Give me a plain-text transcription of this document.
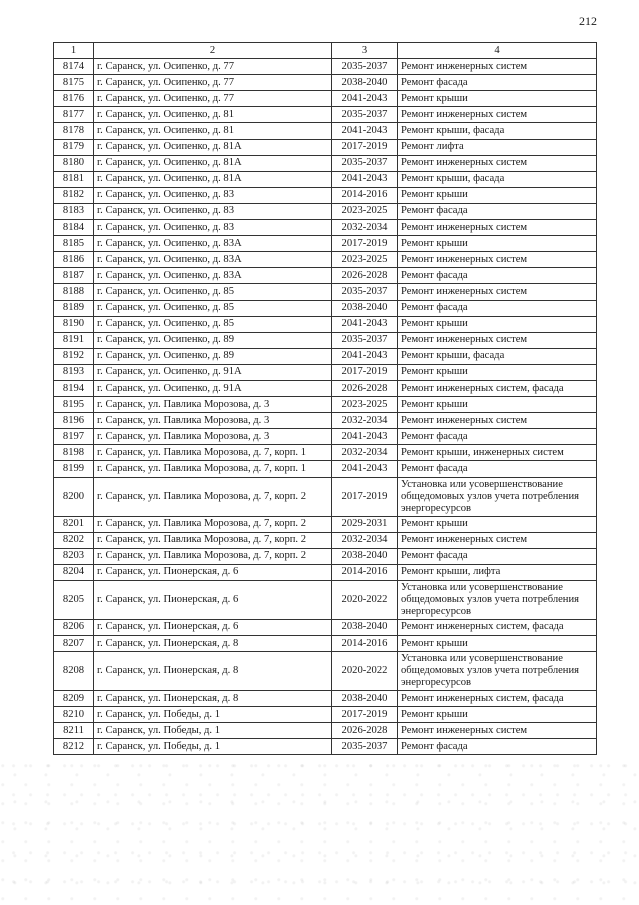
212
1	2	3	4
8174	г. Саранск, ул. Осипенко, д. 77	2035-2037	Ремонт инженерных систем
8175	г. Саранск, ул. Осипенко, д. 77	2038-2040	Ремонт фасада
8176	г. Саранск, ул. Осипенко, д. 77	2041-2043	Ремонт крыши
8177	г. Саранск, ул. Осипенко, д. 81	2035-2037	Ремонт инженерных систем
8178	г. Саранск, ул. Осипенко, д. 81	2041-2043	Ремонт крыши, фасада
8179	г. Саранск, ул. Осипенко, д. 81А	2017-2019	Ремонт лифта
8180	г. Саранск, ул. Осипенко, д. 81А	2035-2037	Ремонт инженерных систем
8181	г. Саранск, ул. Осипенко, д. 81А	2041-2043	Ремонт крыши, фасада
8182	г. Саранск, ул. Осипенко, д. 83	2014-2016	Ремонт крыши
8183	г. Саранск, ул. Осипенко, д. 83	2023-2025	Ремонт фасада
8184	г. Саранск, ул. Осипенко, д. 83	2032-2034	Ремонт инженерных систем
8185	г. Саранск, ул. Осипенко, д. 83А	2017-2019	Ремонт крыши
8186	г. Саранск, ул. Осипенко, д. 83А	2023-2025	Ремонт инженерных систем
8187	г. Саранск, ул. Осипенко, д. 83А	2026-2028	Ремонт фасада
8188	г. Саранск, ул. Осипенко, д. 85	2035-2037	Ремонт инженерных систем
8189	г. Саранск, ул. Осипенко, д. 85	2038-2040	Ремонт фасада
8190	г. Саранск, ул. Осипенко, д. 85	2041-2043	Ремонт крыши
8191	г. Саранск, ул. Осипенко, д. 89	2035-2037	Ремонт инженерных систем
8192	г. Саранск, ул. Осипенко, д. 89	2041-2043	Ремонт крыши, фасада
8193	г. Саранск, ул. Осипенко, д. 91А	2017-2019	Ремонт крыши
8194	г. Саранск, ул. Осипенко, д. 91А	2026-2028	Ремонт инженерных систем, фасада
8195	г. Саранск, ул. Павлика Морозова, д. 3	2023-2025	Ремонт крыши
8196	г. Саранск, ул. Павлика Морозова, д. 3	2032-2034	Ремонт инженерных систем
8197	г. Саранск, ул. Павлика Морозова, д. 3	2041-2043	Ремонт фасада
8198	г. Саранск, ул. Павлика Морозова, д. 7, корп. 1	2032-2034	Ремонт крыши, инженерных систем
8199	г. Саранск, ул. Павлика Морозова, д. 7, корп. 1	2041-2043	Ремонт фасада
8200	г. Саранск, ул. Павлика Морозова, д. 7, корп. 2	2017-2019	Установка или усовершенствование общедомовых узлов учета потребления энергоресурсов
8201	г. Саранск, ул. Павлика Морозова, д. 7, корп. 2	2029-2031	Ремонт крыши
8202	г. Саранск, ул. Павлика Морозова, д. 7, корп. 2	2032-2034	Ремонт инженерных систем
8203	г. Саранск, ул. Павлика Морозова, д. 7, корп. 2	2038-2040	Ремонт фасада
8204	г. Саранск, ул. Пионерская, д. 6	2014-2016	Ремонт крыши, лифта
8205	г. Саранск, ул. Пионерская, д. 6	2020-2022	Установка или усовершенствование общедомовых узлов учета потребления энергоресурсов
8206	г. Саранск, ул. Пионерская, д. 6	2038-2040	Ремонт инженерных систем, фасада
8207	г. Саранск, ул. Пионерская, д. 8	2014-2016	Ремонт крыши
8208	г. Саранск, ул. Пионерская, д. 8	2020-2022	Установка или усовершенствование общедомовых узлов учета потребления энергоресурсов
8209	г. Саранск, ул. Пионерская, д. 8	2038-2040	Ремонт инженерных систем, фасада
8210	г. Саранск, ул. Победы, д. 1	2017-2019	Ремонт крыши
8211	г. Саранск, ул. Победы, д. 1	2026-2028	Ремонт инженерных систем
8212	г. Саранск, ул. Победы, д. 1	2035-2037	Ремонт фасада
